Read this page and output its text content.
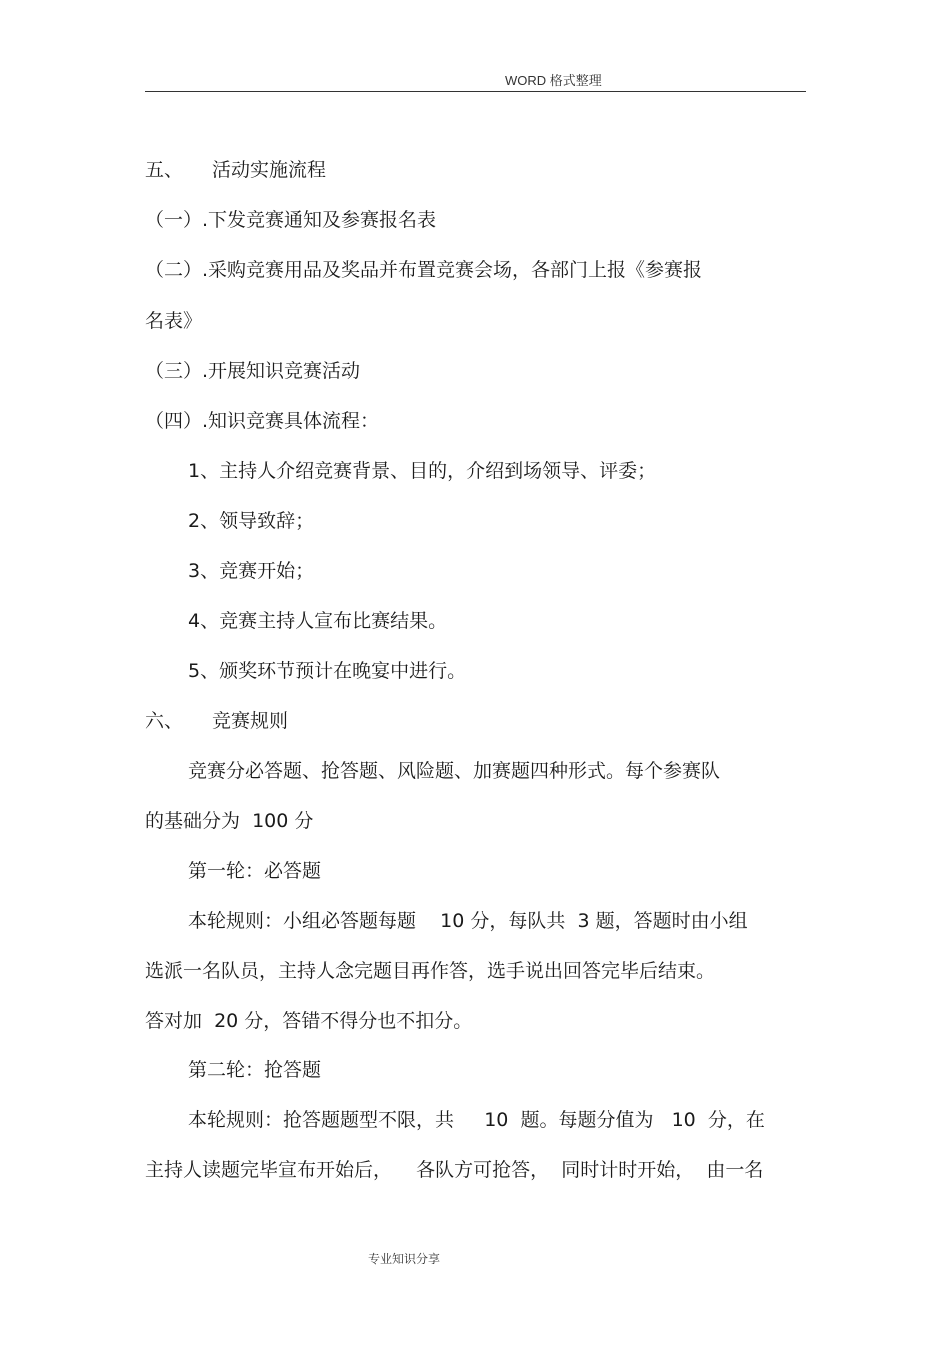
WORD 格式整理

五、	活动实施流程

（一）.下发竞赛通知及参赛报名表

（二）.采购竞赛用品及奖品并布置竞赛会场，各部门上报《参赛报

名表》

（三）.开展知识竞赛活动

（四）.知识竞赛具体流程：

1、主持人介绍竞赛背景、目的，介绍到场领导、评委；

2、领导致辞；

3、竞赛开始；

4、竞赛主持人宣布比赛结果。

5、颁奖环节预计在晚宴中进行。

六、	竞赛规则

竞赛分必答题、抢答题、风险题、加赛题四种形式。每个参赛队

的基础分为  100 分

第一轮：必答题

本轮规则：小组必答题每题    10 分，每队共  3 题，答题时由小组

选派一名队员，主持人念完题目再作答，选手说出回答完毕后结束。

答对加  20 分，答错不得分也不扣分。

第二轮：抢答题

本轮规则：抢答题题型不限，共     10  题。每题分值为   10  分，在

主持人读题完毕宣布开始后，    各队方可抢答，  同时计时开始，  由一名

专业知识分享
